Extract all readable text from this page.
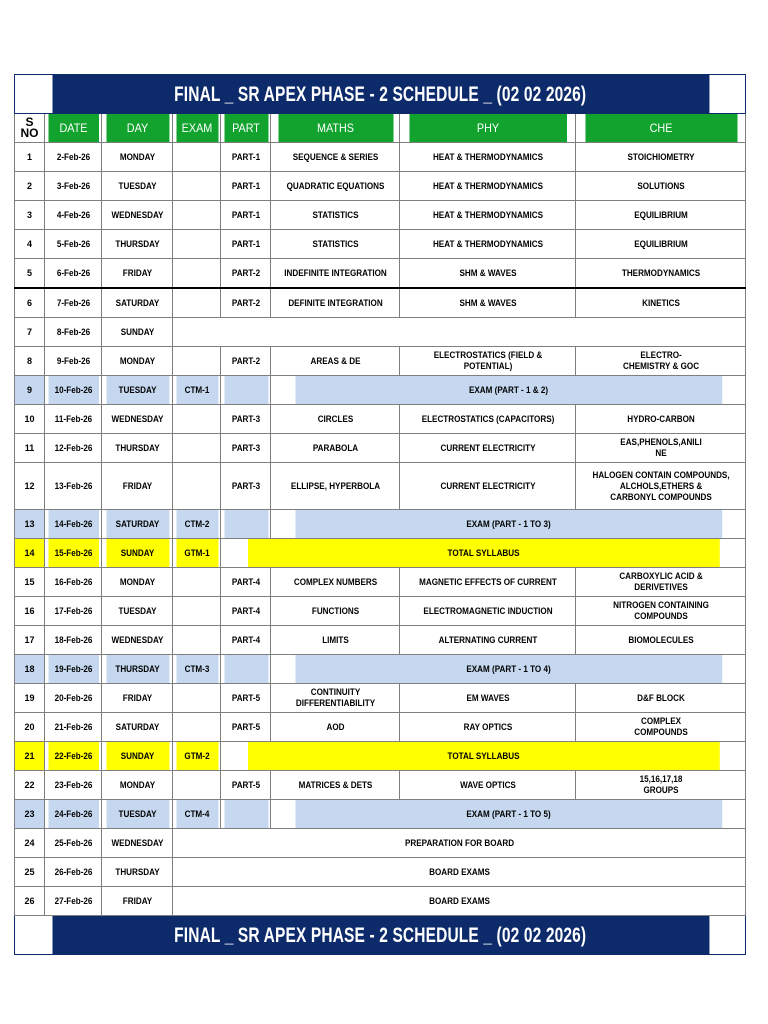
FINAL _ SR APEX PHASE - 2 SCHEDULE _ (02 02 2026)							
S NO	DATE	DAY	EXAM	PART	MATHS	PHY	CHE
1	2-Feb-26	MONDAY		PART-1	SEQUENCE & SERIES	HEAT & THERMODYNAMICS	STOICHIOMETRY
2	3-Feb-26	TUESDAY		PART-1	QUADRATIC EQUATIONS	HEAT & THERMODYNAMICS	SOLUTIONS
3	4-Feb-26	WEDNESDAY		PART-1	STATISTICS	HEAT & THERMODYNAMICS	EQUILIBRIUM
4	5-Feb-26	THURSDAY		PART-1	STATISTICS	HEAT & THERMODYNAMICS	EQUILIBRIUM
5	6-Feb-26	FRIDAY		PART-2	INDEFINITE INTEGRATION	SHM & WAVES	THERMODYNAMICS
6	7-Feb-26	SATURDAY		PART-2	DEFINITE INTEGRATION	SHM & WAVES	KINETICS
7	8-Feb-26	SUNDAY					
8	9-Feb-26	MONDAY		PART-2	AREAS & DE	ELECTROSTATICS (FIELD & POTENTIAL)	ELECTRO-
CHEMISTRY & GOC
9	10-Feb-26	TUESDAY	CTM-1		EXAM (PART - 1 & 2)		
10	11-Feb-26	WEDNESDAY		PART-3	CIRCLES	ELECTROSTATICS (CAPACITORS)	HYDRO-CARBON
11	12-Feb-26	THURSDAY		PART-3	PARABOLA	CURRENT ELECTRICITY	EAS,PHENOLS,ANILI
NE
12	13-Feb-26	FRIDAY		PART-3	ELLIPSE, HYPERBOLA	CURRENT ELECTRICITY	HALOGEN CONTAIN COMPOUNDS,
ALCHOLS,ETHERS &
CARBONYL COMPOUNDS
13	14-Feb-26	SATURDAY	CTM-2		EXAM (PART - 1 TO 3)		
14	15-Feb-26	SUNDAY	GTM-1	TOTAL SYLLABUS			
15	16-Feb-26	MONDAY		PART-4	COMPLEX NUMBERS	MAGNETIC EFFECTS OF CURRENT	CARBOXYLIC ACID &
DERIVETIVES
16	17-Feb-26	TUESDAY		PART-4	FUNCTIONS	ELECTROMAGNETIC INDUCTION	NITROGEN CONTAINING
COMPOUNDS
17	18-Feb-26	WEDNESDAY		PART-4	LIMITS	ALTERNATING CURRENT	BIOMOLECULES
18	19-Feb-26	THURSDAY	CTM-3		EXAM (PART - 1 TO 4)		
19	20-Feb-26	FRIDAY		PART-5	CONTINUITY
DIFFERENTIABILITY	EM WAVES	D&F BLOCK
20	21-Feb-26	SATURDAY		PART-5	AOD	RAY OPTICS	COMPLEX
COMPOUNDS
21	22-Feb-26	SUNDAY	GTM-2	TOTAL SYLLABUS			
22	23-Feb-26	MONDAY		PART-5	MATRICES & DETS	WAVE OPTICS	15,16,17,18
GROUPS
23	24-Feb-26	TUESDAY	CTM-4		EXAM (PART - 1 TO 5)		
24	25-Feb-26	WEDNESDAY	PREPARATION FOR BOARD				
25	26-Feb-26	THURSDAY	BOARD EXAMS				
26	27-Feb-26	FRIDAY	BOARD EXAMS				
FINAL _ SR APEX PHASE - 2 SCHEDULE _ (02 02 2026)							
